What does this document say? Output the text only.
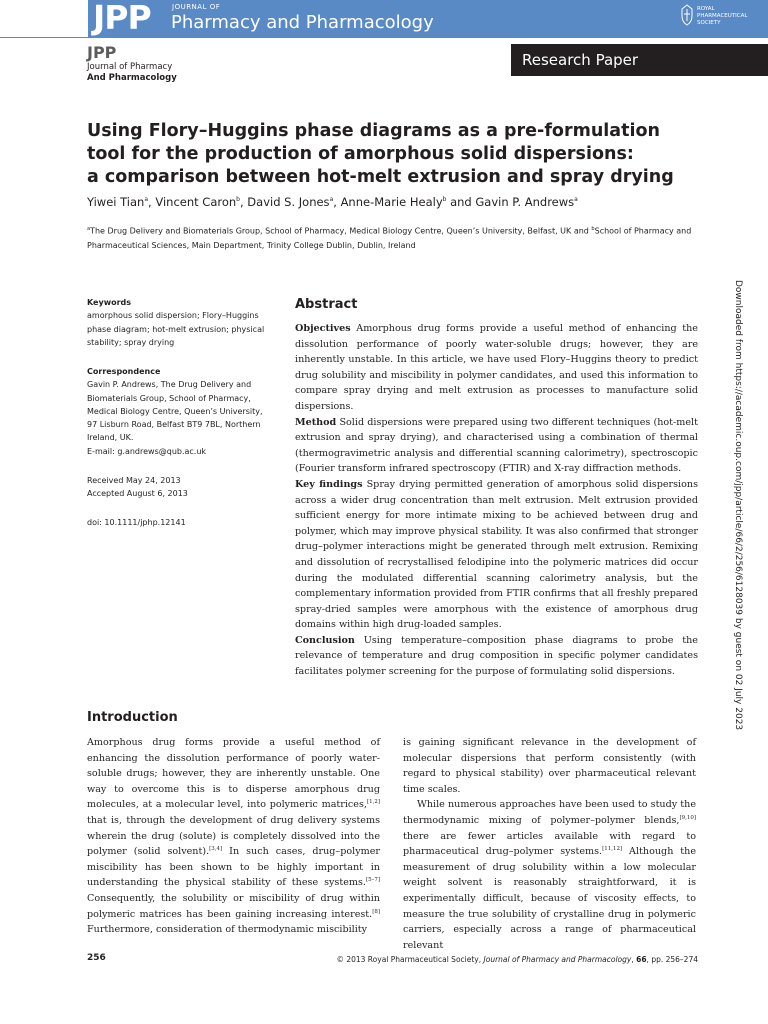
JPP	JOURNAL OF
Pharmacy and Pharmacology
ROYAL
PHARMACEUTICAL
SOCIETY
JPP
Journal of Pharmacy
And Pharmacology
Research Paper
Using Flory–Huggins phase diagrams as a pre-formulation
tool for the production of amorphous solid dispersions:
a comparison between hot-melt extrusion and spray drying
Yiwei Tian$^a$, Vincent Caron$^b$, David S. Jones$^a$, Anne-Marie Healy$^b$ and Gavin P. Andrews$^a$
$^a$The Drug Delivery and Biomaterials Group, School of Pharmacy, Medical Biology Centre, Queen’s University, Belfast, UK and $^b$School of Pharmacy and Pharmaceutical Sciences, Main Department, Trinity College Dublin, Dublin, Ireland
Keywords
amorphous solid dispersion; Flory–Huggins phase diagram; hot-melt extrusion; physical stability; spray drying
Correspondence
Gavin P. Andrews, The Drug Delivery and
Biomaterials Group, School of Pharmacy,
Medical Biology Centre, Queen’s University,
97 Lisburn Road, Belfast BT9 7BL, Northern
Ireland, UK.
E-mail: g.andrews@qub.ac.uk
Received May 24, 2013
Accepted August 6, 2013
doi: 10.1111/jphp.12141
Abstract

Objectives Amorphous drug forms provide a useful method of enhancing the dissolution performance of poorly water-soluble drugs; however, they are inherently unstable. In this article, we have used Flory–Huggins theory to predict drug solubility and miscibility in polymer candidates, and used this information to compare spray drying and melt extrusion as processes to manufacture solid dispersions.

Method Solid dispersions were prepared using two different techniques (hot-melt extrusion and spray drying), and characterised using a combination of thermal (thermogravimetric analysis and differential scanning calorimetry), spectroscopic (Fourier transform infrared spectroscopy (FTIR) and X-ray diffraction methods.

Key findings Spray drying permitted generation of amorphous solid dispersions across a wider drug concentration than melt extrusion. Melt extrusion provided sufficient energy for more intimate mixing to be achieved between drug and polymer, which may improve physical stability. It was also confirmed that stronger drug–polymer interactions might be generated through melt extrusion. Remixing and dissolution of recrystallised felodipine into the polymeric matrices did occur during the modulated differential scanning calorimetry analysis, but the complementary information provided from FTIR confirms that all freshly prepared spray-dried samples were amorphous with the existence of amorphous drug domains within high drug-loaded samples.

Conclusion Using temperature–composition phase diagrams to probe the relevance of temperature and drug composition in specific polymer candidates facilitates polymer screening for the purpose of formulating solid dispersions.

Introduction

Amorphous drug forms provide a useful method of enhancing the dissolution performance of poorly water-soluble drugs; however, they are inherently unstable. One way to overcome this is to disperse amorphous drug molecules, at a molecular level, into polymeric matrices,[1,2] that is, through the development of drug delivery systems wherein the drug (solute) is completely dissolved into the polymer (solid solvent).[3,4] In such cases, drug–polymer miscibility has been shown to be highly important in understanding the physical stability of these systems.[5–7] Consequently, the solubility or miscibility of drug within polymeric matrices has been gaining increasing interest.[8] Furthermore, consideration of thermodynamic miscibility

is gaining significant relevance in the development of molecular dispersions that perform consistently (with regard to physical stability) over pharmaceutical relevant time scales.

While numerous approaches have been used to study the thermodynamic mixing of polymer–polymer blends,[9,10] there are fewer articles available with regard to pharmaceutical drug–polymer systems.[11,12] Although the measurement of drug solubility within a low molecular weight solvent is reasonably straightforward, it is experimentally difficult, because of viscosity effects, to measure the true solubility of crystalline drug in polymeric carriers, especially across a range of pharmaceutical relevant

256	© 2013 Royal Pharmaceutical Society, Journal of Pharmacy and Pharmacology, 66, pp. 256–274
Downloaded from https://academic.oup.com/jpp/article/66/2/256/6128039 by guest on 02 July 2023
